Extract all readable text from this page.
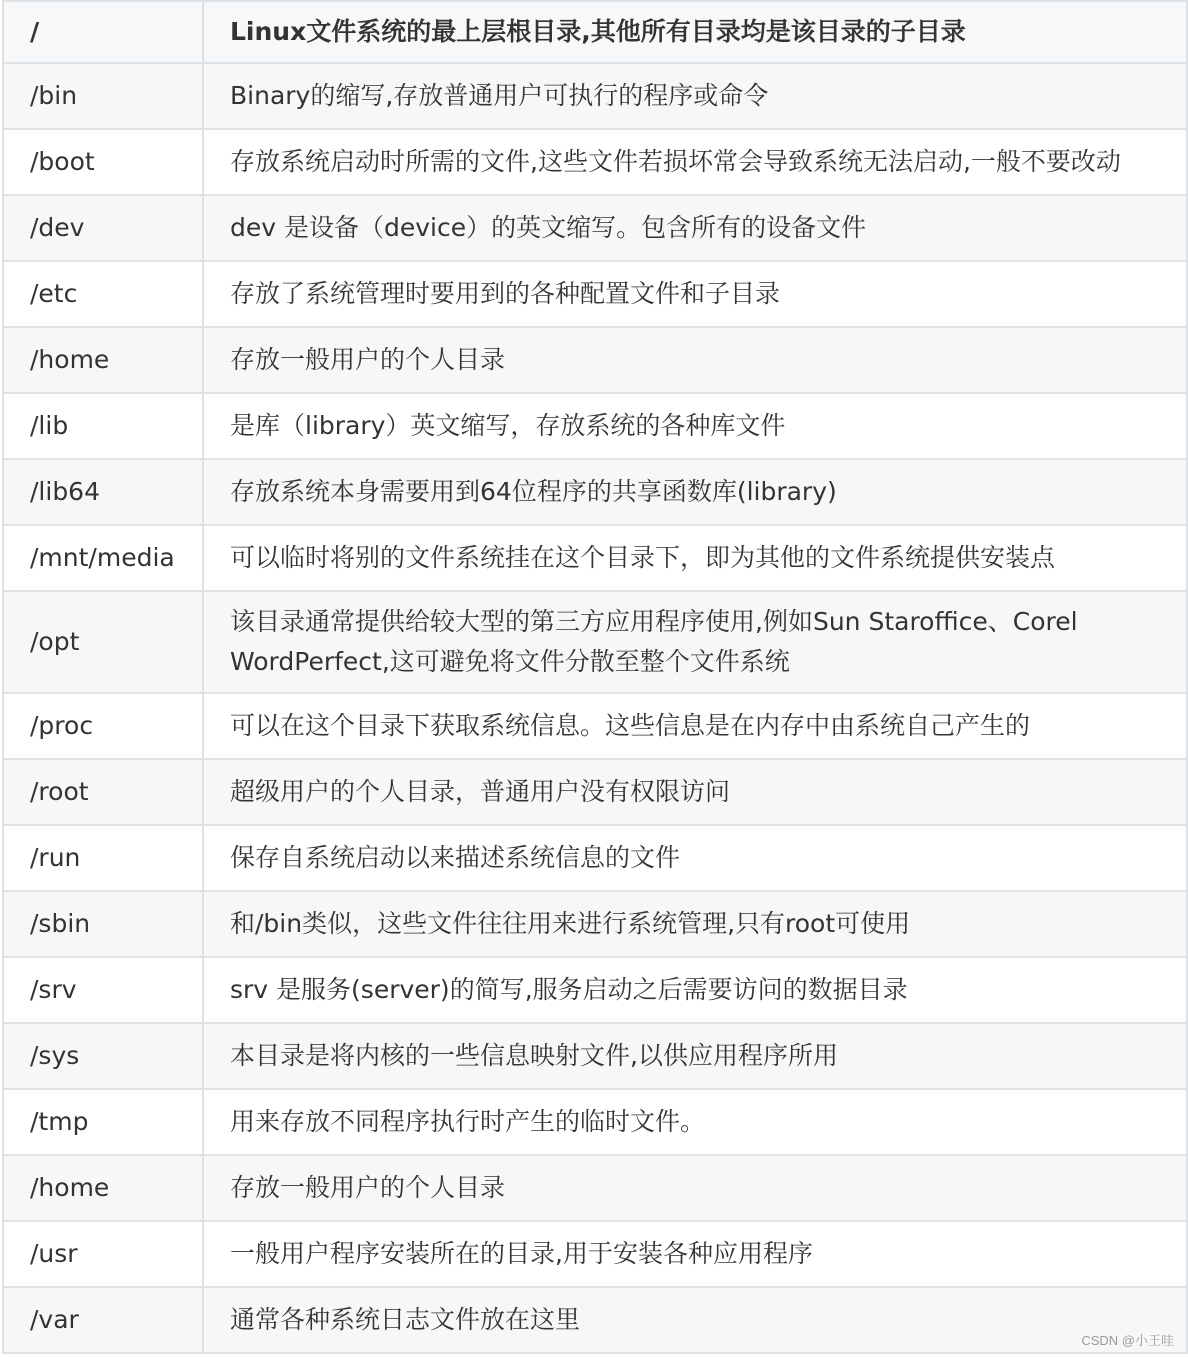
/	Linux文件系统的最上层根目录,其他所有目录均是该目录的子目录
/bin	Binary的缩写,存放普通用户可执行的程序或命令
/boot	存放系统启动时所需的文件,这些文件若损坏常会导致系统无法启动,一般不要改动
/dev	dev 是设备（device）的英文缩写。包含所有的设备文件
/etc	存放了系统管理时要用到的各种配置文件和子目录
/home	存放一般用户的个人目录
/lib	是库（library）英文缩写，存放系统的各种库文件
/lib64	存放系统本身需要用到64位程序的共享函数库(library)
/mnt/media	可以临时将别的文件系统挂在这个目录下，即为其他的文件系统提供安装点
/opt	该目录通常提供给较大型的第三方应用程序使用,例如Sun Staroffice、Corel WordPerfect,这可避免将文件分散至整个文件系统
/proc	可以在这个目录下获取系统信息。这些信息是在内存中由系统自己产生的
/root	超级用户的个人目录，普通用户没有权限访问
/run	保存自系统启动以来描述系统信息的文件
/sbin	和/bin类似，这些文件往往用来进行系统管理,只有root可使用
/srv	srv 是服务(server)的简写,服务启动之后需要访问的数据目录
/sys	本目录是将内核的一些信息映射文件,以供应用程序所用
/tmp	用来存放不同程序执行时产生的临时文件。
/home	存放一般用户的个人目录
/usr	一般用户程序安装所在的目录,用于安装各种应用程序
/var	通常各种系统日志文件放在这里
CSDN @小王哇
